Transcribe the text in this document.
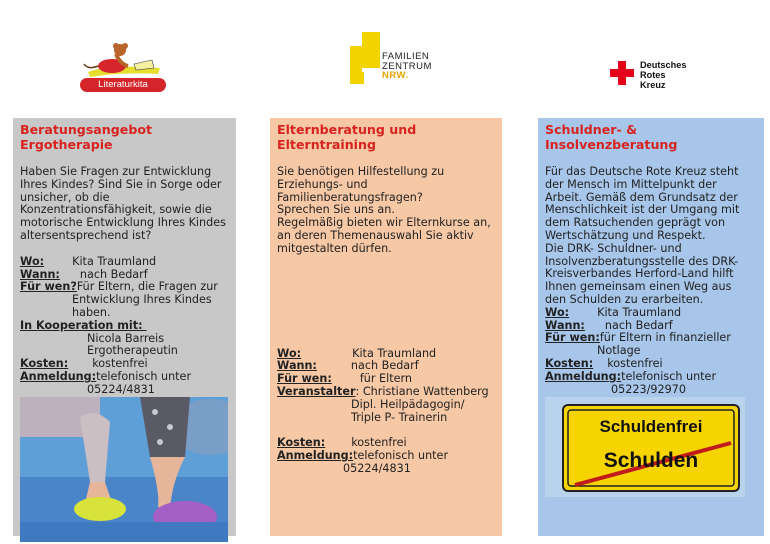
Literaturkita
FAMILIEN
ZENTRUM
NRW.
Deutsches
Rotes
Kreuz
Beratungsangebot
Ergotherapie

Haben Sie Fragen zur Entwicklung
Ihres Kindes? Sind Sie in Sorge oder
unsicher, ob die
Konzentrationsfähigkeit, sowie die
motorische Entwicklung Ihres Kindes
altersentsprechend ist?

Wo:	Kita Traumland
Wann:	nach Bedarf
Für wen? Für Eltern, die Fragen zur
Entwicklung Ihres Kindes
haben.
In Kooperation mit:
Nicola Barreis
Ergotherapeutin
Kosten:	kostenfrei
Anmeldung: telefonisch unter
05224/4831
Elternberatung und
Elterntraining

Sie benötigen Hilfestellung zu
Erziehungs- und
Familienberatungsfragen?
Sprechen Sie uns an.
Regelmäßig bieten wir Elternkurse an,
an deren Themenauswahl Sie aktiv
mitgestalten dürfen.

Wo:	Kita Traumland
Wann:	nach Bedarf
Für wen:	für Eltern
Veranstalter : Christiane Wattenberg
Dipl. Heilpädagogin/
Triple P- Trainerin
Kosten:	kostenfrei
Anmeldung: telefonisch unter
05224/4831
Schuldner- &
Insolvenzberatung

Für das Deutsche Rote Kreuz steht
der Mensch im Mittelpunkt der
Arbeit. Gemäß dem Grundsatz der
Menschlichkeit ist der Umgang mit
dem Ratsuchenden geprägt von
Wertschätzung und Respekt.
Die DRK- Schuldner- und
Insolvenzberatungsstelle des DRK-
Kreisverbandes Herford-Land hilft
Ihnen gemeinsam einen Weg aus
den Schulden zu erarbeiten.

Wo:	Kita Traumland
Wann:	nach Bedarf
Für wen: für Eltern in finanzieller
Notlage
Kosten:	kostenfrei
Anmeldung: telefonisch unter
05223/92970
Schuldenfrei
Schulden
